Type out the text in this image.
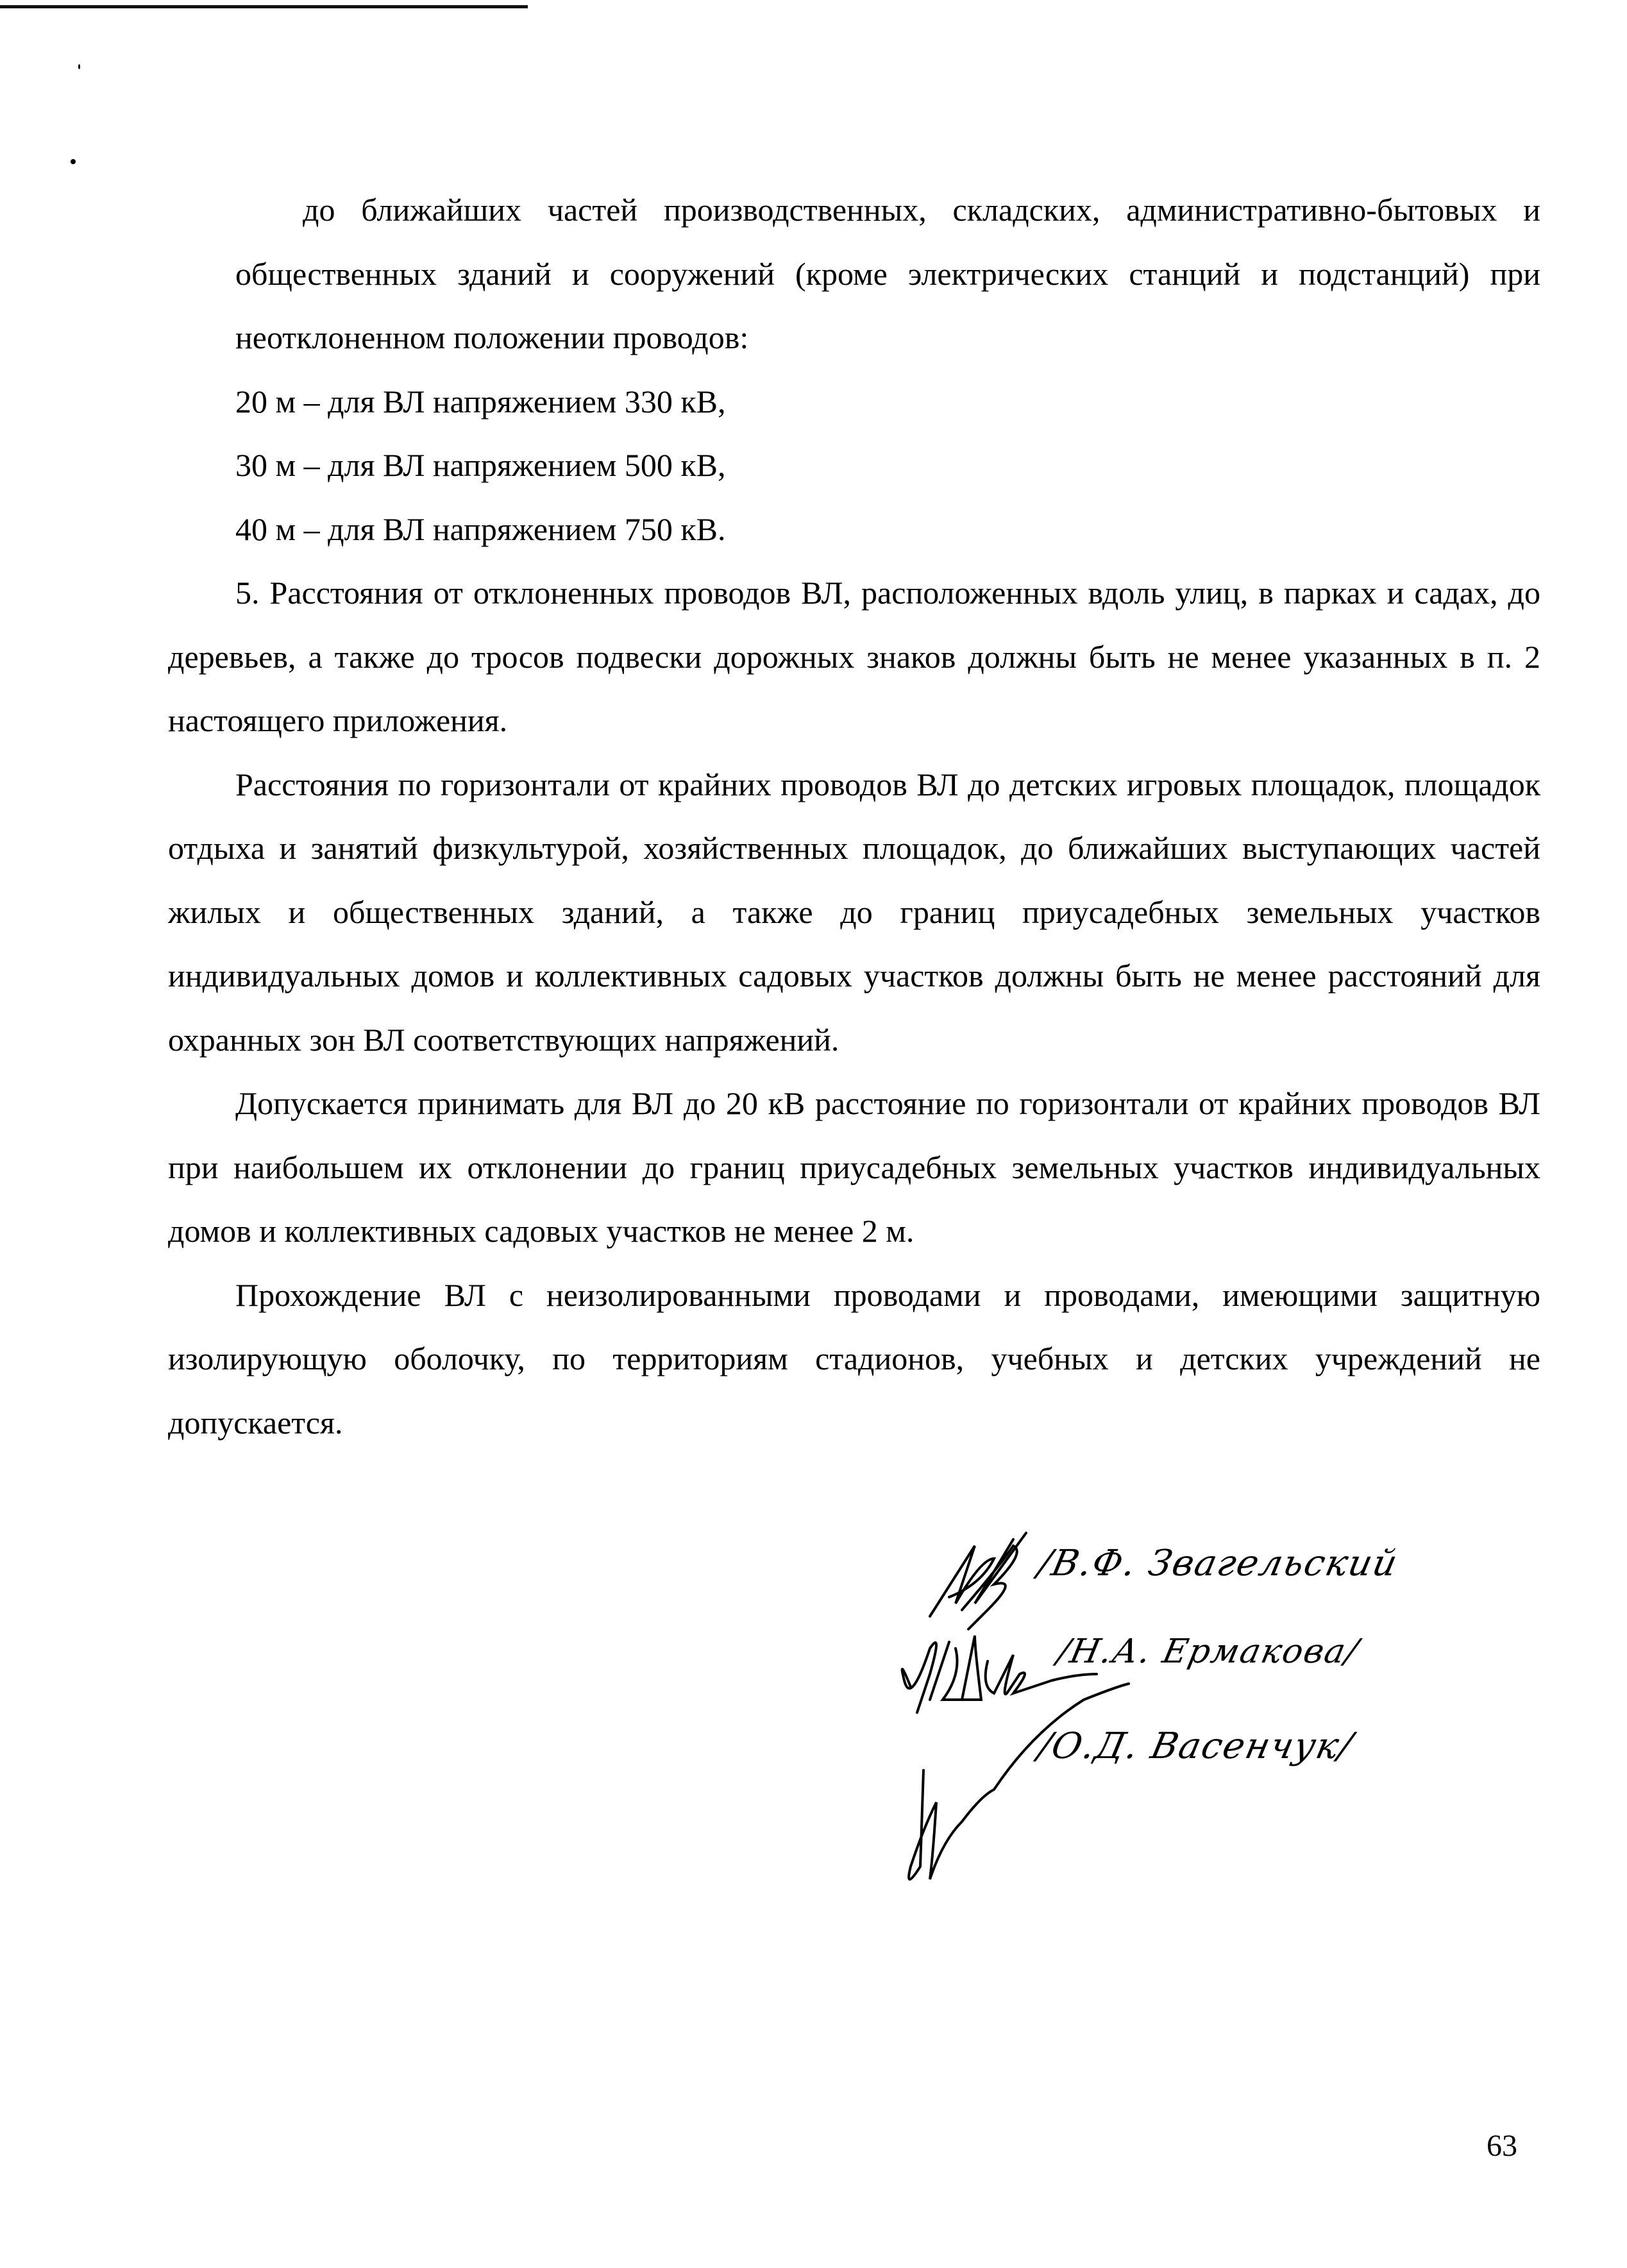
до ближайших частей производственных, складских, административно-бытовых и общественных зданий и сооружений (кроме электрических станций и подстанций) при неотклоненном положении проводов:

20 м – для ВЛ напряжением 330 кВ,

30 м – для ВЛ напряжением 500 кВ,

40 м – для ВЛ напряжением 750 кВ.

5. Расстояния от отклоненных проводов ВЛ, расположенных вдоль улиц, в парках и садах, до деревьев, а также до тросов подвески дорожных знаков должны быть не менее указанных в п. 2 настоящего приложения.

Расстояния по горизонтали от крайних проводов ВЛ до детских игровых площадок, площадок отдыха и занятий физкультурой, хозяйственных площадок, до ближайших выступающих частей жилых и общественных зданий, а также до границ приусадебных земельных участков индивидуальных домов и коллективных садовых участков должны быть не менее расстояний для охранных зон ВЛ соответствующих напряжений.

Допускается принимать для ВЛ до 20 кВ расстояние по горизонтали от крайних проводов ВЛ при наибольшем их отклонении до границ приусадебных земельных участков индивидуальных домов и коллективных садовых участков не менее 2 м.

Прохождение ВЛ с неизолированными проводами и проводами, имеющими защитную изолирующую оболочку, по территориям стадионов, учебных и детских учреждений не допускается.

/В.Ф. Звагельский
/Н.А. Ермакова/
/О.Д. Васенчук/
63
